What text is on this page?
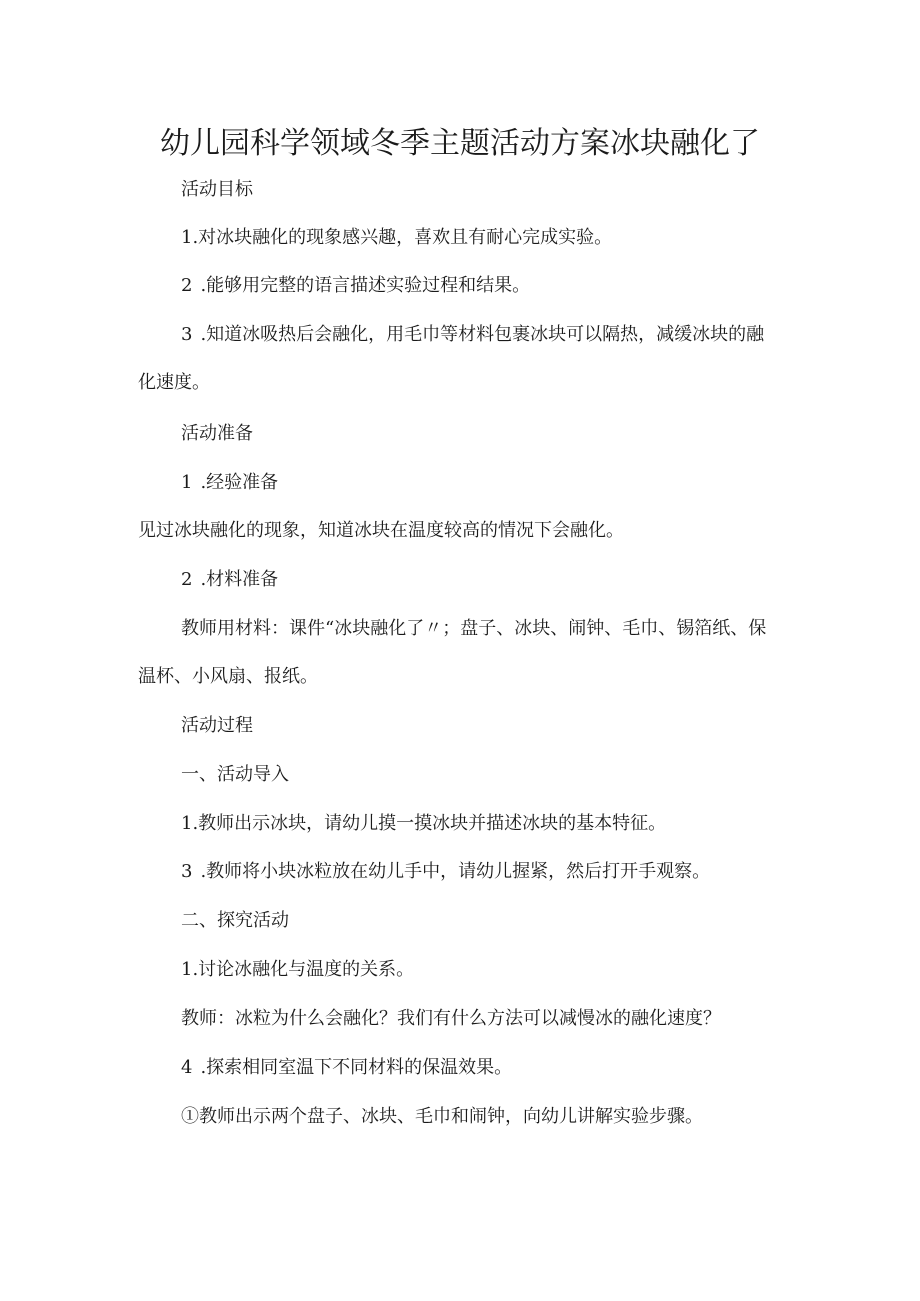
幼儿园科学领域冬季主题活动方案冰块融化了

活动目标

1.对冰块融化的现象感兴趣，喜欢且有耐心完成实验。

2 .能够用完整的语言描述实验过程和结果。

3 .知道冰吸热后会融化，用毛巾等材料包裹冰块可以隔热，减缓冰块的融

化速度。

活动准备

1 .经验准备

见过冰块融化的现象，知道冰块在温度较高的情况下会融化。

2 .材料准备

教师用材料：课件“冰块融化了〃；盘子、冰块、闹钟、毛巾、锡箔纸、保

温杯、小风扇、报纸。

活动过程

一、活动导入

1.教师出示冰块，请幼儿摸一摸冰块并描述冰块的基本特征。

3 .教师将小块冰粒放在幼儿手中，请幼儿握紧，然后打开手观察。

二、探究活动

1.讨论冰融化与温度的关系。

教师：冰粒为什么会融化？我们有什么方法可以减慢冰的融化速度？

4 .探索相同室温下不同材料的保温效果。

①教师出示两个盘子、冰块、毛巾和闹钟，向幼儿讲解实验步骤。
